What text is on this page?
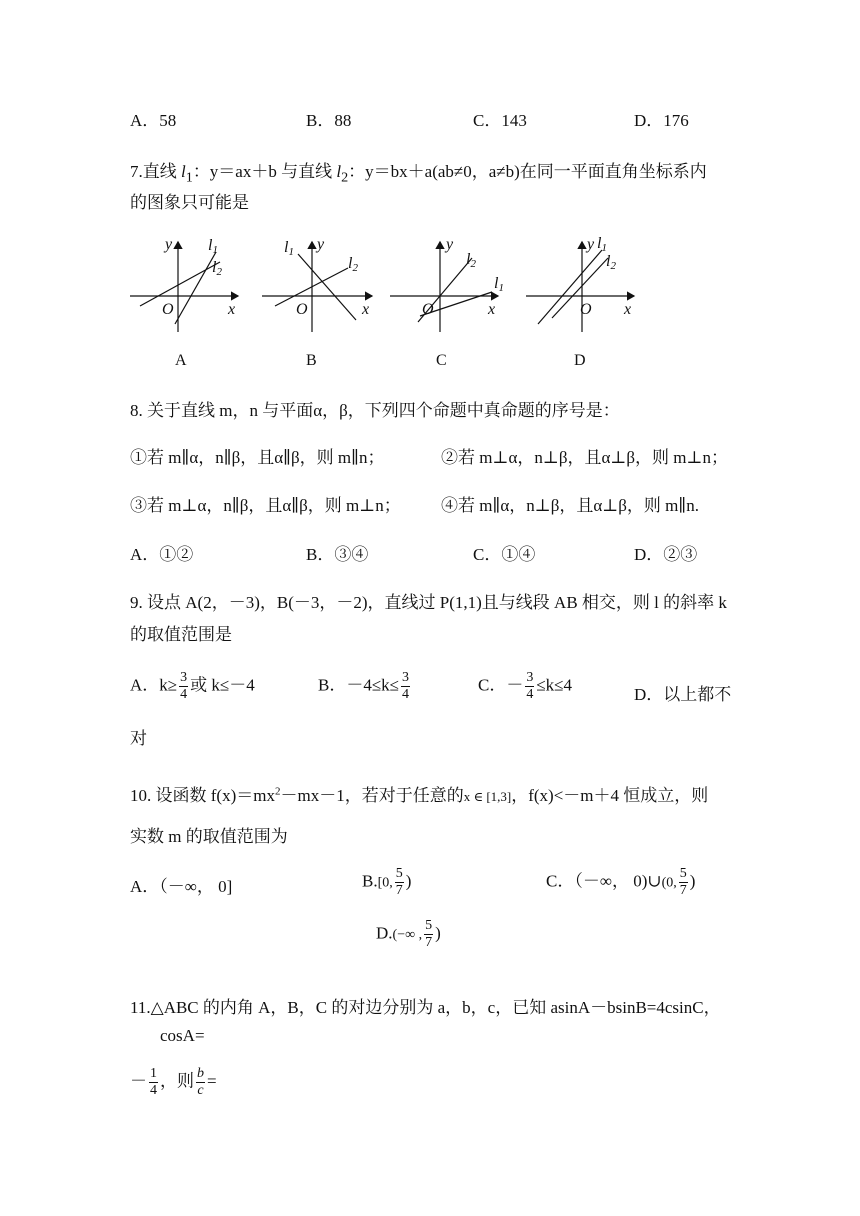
A．58	B．88	C．143	D．176
7.直线 $l_1$：y＝ax＋b 与直线 $l_2$：y＝bx＋a(ab≠0，a≠b)在同一平面直角坐标系内
的图象只可能是
y l1
l2
O	x
A
l1 y
l2
O	x
B
y
l2
l1
O	x
C
y l1
l2
O x
D
8. 关于直线 m，n 与平面α，β，下列四个命题中真命题的序号是：
①若 m∥α，n∥β，且α∥β，则 m∥n；	②若 m⊥α，n⊥β，且α⊥β，则 m⊥n；
③若 m⊥α，n∥β，且α∥β，则 m⊥n； ④若 m∥α，n⊥β，且α⊥β，则 m∥n.
A．①②	B．③④	C．①④	D．②③
9. 设点 A(2，－3)，B(－3，－2)，直线过 P(1,1)且与线段 AB 相交，则 l 的斜率 k
的取值范围是
A．$k\ge \frac{3}{4}$ 或 k≤－4	B．$-4\le k\le \frac{3}{4}$	C．－ $\frac{3}{4} \le k\le 4$
D．以上都不
对
10. 设函数 $f(x)=mx^2-mx-1$，若对于任意的x ∈ [1,3]，f(x)<－m＋4 恒成立，则
实数 m 的取值范围为
A．（－∞， 0]	B.[0, $\frac{5}{7}$ )	C．（－∞， 0)∪(0, $\frac{5}{7}$ )
D.(−∞ , $\frac{5}{7}$ )
11.△ABC 的内角 A，B，C 的对边分别为 a，b，c，已知 asinA－bsinB=4csinC，
cosA=
－ $\frac{1}{4}$ ，则 $\frac{b}{c}$ =
